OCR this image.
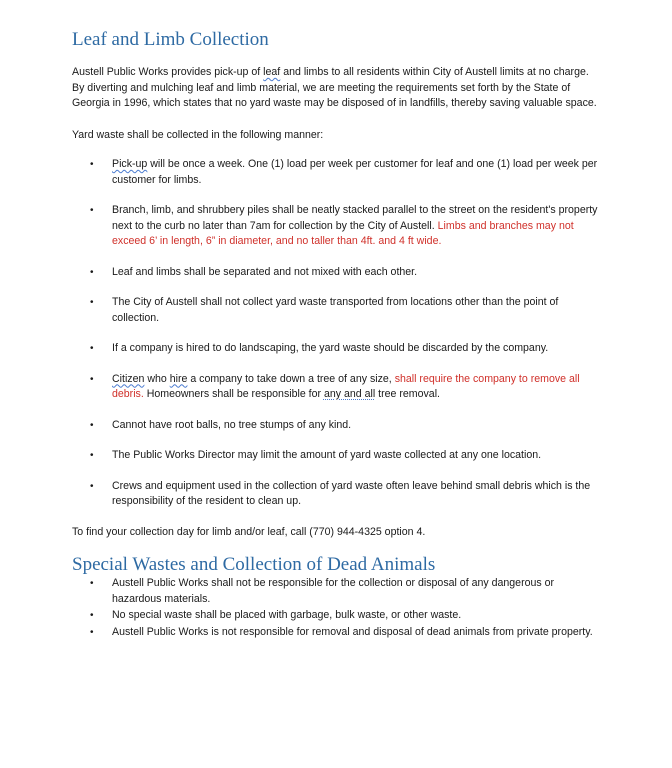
Leaf and Limb Collection

Austell Public Works provides pick-up of leaf and limbs to all residents within City of Austell limits at no charge. By diverting and mulching leaf and limb material, we are meeting the requirements set forth by the State of Georgia in 1996, which states that no yard waste may be disposed of in landfills, thereby saving valuable space.

Yard waste shall be collected in the following manner:

• Pick-up will be once a week. One (1) load per week per customer for leaf and one (1) load per week per customer for limbs.
• Branch, limb, and shrubbery piles shall be neatly stacked parallel to the street on the resident's property next to the curb no later than 7am for collection by the City of Austell. Limbs and branches may not exceed 6’ in length, 6” in diameter, and no taller than 4ft. and 4 ft wide.
• Leaf and limbs shall be separated and not mixed with each other.
• The City of Austell shall not collect yard waste transported from locations other than the point of collection.
• If a company is hired to do landscaping, the yard waste should be discarded by the company.
• Citizen who hire a company to take down a tree of any size, shall require the company to remove all debris. Homeowners shall be responsible for any and all tree removal.
• Cannot have root balls, no tree stumps of any kind.
• The Public Works Director may limit the amount of yard waste collected at any one location.
• Crews and equipment used in the collection of yard waste often leave behind small debris which is the responsibility of the resident to clean up.

To find your collection day for limb and/or leaf, call (770) 944-4325 option 4.

Special Wastes and Collection of Dead Animals
• Austell Public Works shall not be responsible for the collection or disposal of any dangerous or hazardous materials.
• No special waste shall be placed with garbage, bulk waste, or other waste.
• Austell Public Works is not responsible for removal and disposal of dead animals from private property.
